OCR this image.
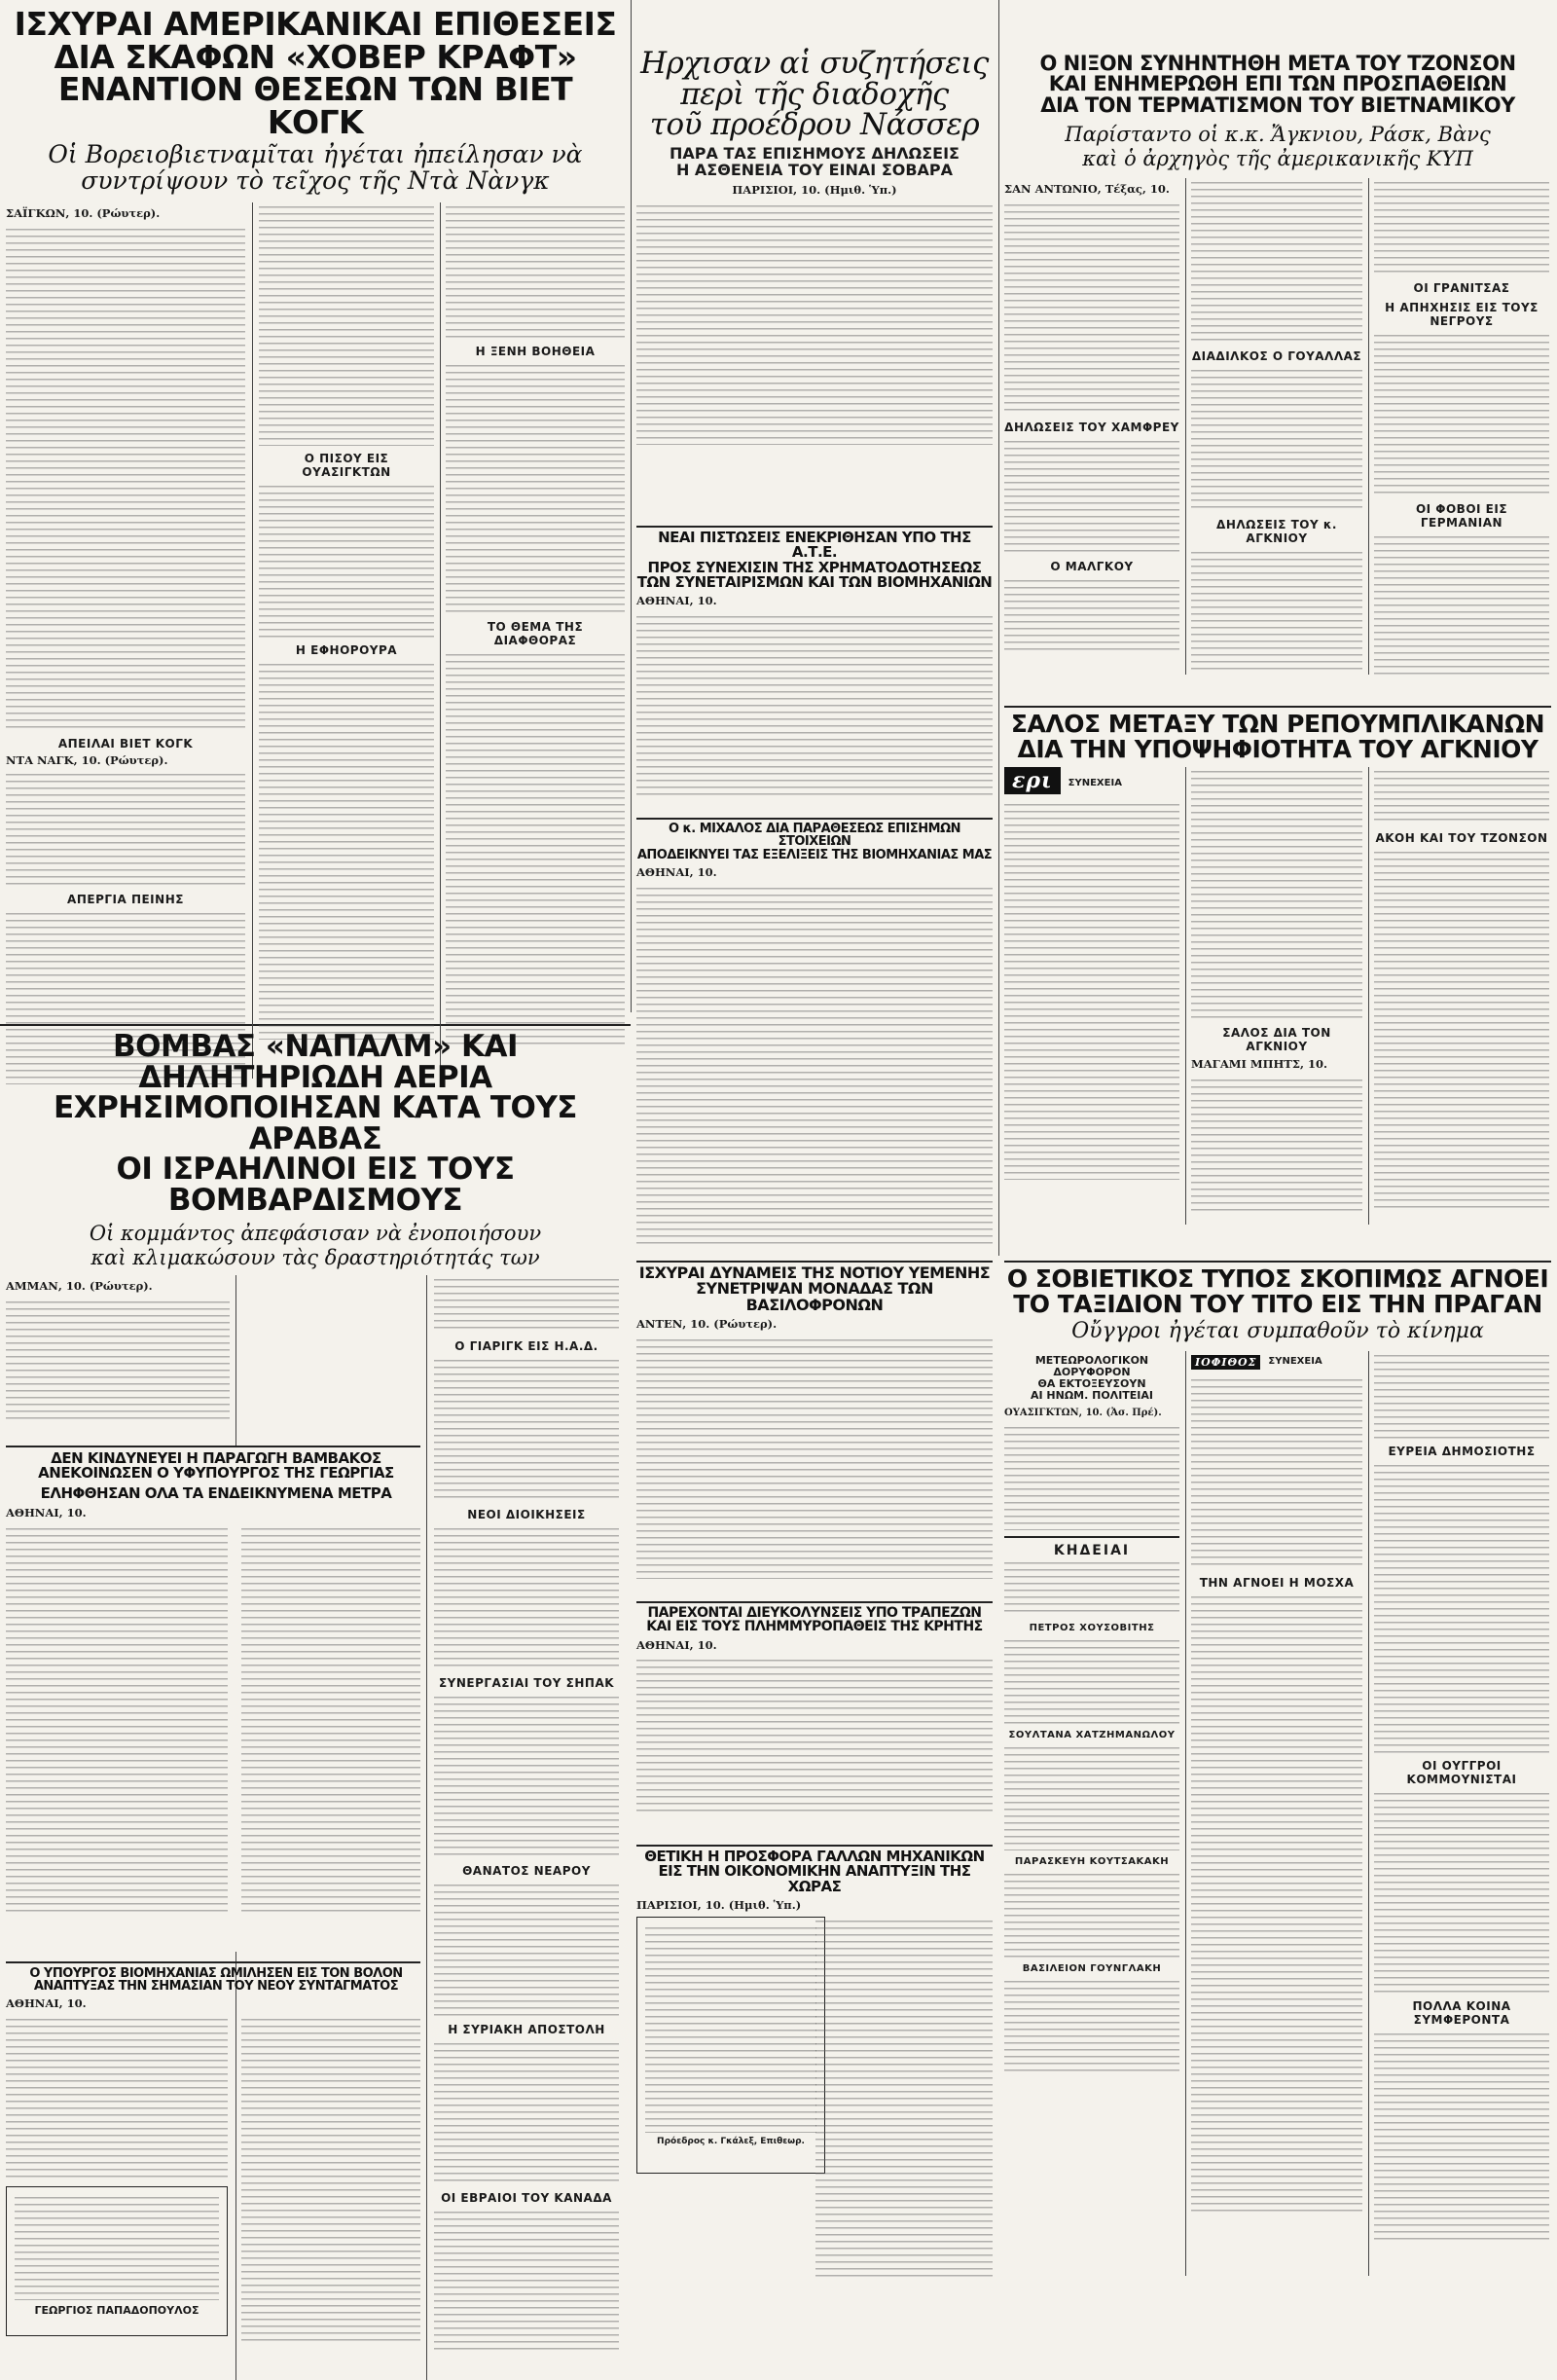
ΙΣΧΥΡΑΙ ΑΜΕΡΙΚΑΝΙΚΑΙ ΕΠΙΘΕΣΕΙΣ
ΔΙΑ ΣΚΑΦΩΝ «ΧΟΒΕΡ ΚΡΑΦΤ»
ΕΝΑΝΤΙΟΝ ΘΕΣΕΩΝ ΤΩΝ ΒΙΕΤ ΚΟΓΚ

Οἱ Βορειοβιετναμῖται ἠγέται ἠπείλησαν νὰ συντρίψουν τὸ τεῖχος τῆς Ντὰ Νὰνγκ

ΣΑΪΓΚΩΝ, 10. (Ρώυτερ).

ΑΠΕΙΛΑΙ ΒΙΕΤ ΚΟΓΚ

ΝΤΑ ΝΑΓΚ, 10. (Ρώυτερ).

ΑΠΕΡΓΙΑ ΠΕΙΝΗΣ

Ο ΠΙΣΟΥ ΕΙΣ ΟΥΑΣΙΓΚΤΩΝ

Η ΕΦΗΟΡΟΥΡΑ

Η ΞΕΝΗ ΒΟΗΘΕΙΑ

ΤΟ ΘΕΜΑ ΤΗΣ ΔΙΑΦΘΟΡΑΣ

Ηρχισαν αἱ συζητήσεις
περὶ τῆς διαδοχῆς
τοῦ προέδρου Νάσσερ

ΠΑΡΑ ΤΑΣ ΕΠΙΣΗΜΟΥΣ ΔΗΛΩΣΕΙΣ

Η ΑΣΘΕΝΕΙΑ ΤΟΥ ΕΙΝΑΙ ΣΟΒΑΡΑ

ΠΑΡΙΣΙΟΙ, 10. (Ημιθ. Ὑπ.)

ΝΕΑΙ ΠΙΣΤΩΣΕΙΣ ΕΝΕΚΡΙΘΗΣΑΝ ΥΠΟ ΤΗΣ Α.Τ.Ε.
ΠΡΟΣ ΣΥΝΕΧΙΣΙΝ ΤΗΣ ΧΡΗΜΑΤΟΔΟΤΗΣΕΩΣ
ΤΩΝ ΣΥΝΕΤΑΙΡΙΣΜΩΝ ΚΑΙ ΤΩΝ ΒΙΟΜΗΧΑΝΙΩΝ

ΑΘΗΝΑΙ, 10.

Ο κ. ΜΙΧΑΛΟΣ ΔΙΑ ΠΑΡΑΘΕΣΕΩΣ ΕΠΙΣΗΜΩΝ ΣΤΟΙΧΕΙΩΝ
ΑΠΟΔΕΙΚΝΥΕΙ ΤΑΣ ΕΞΕΛΙΞΕΙΣ ΤΗΣ ΒΙΟΜΗΧΑΝΙΑΣ ΜΑΣ

ΑΘΗΝΑΙ, 10.

Ο ΝΙΞΟΝ ΣΥΝΗΝΤΗΘΗ ΜΕΤΑ ΤΟΥ ΤΖΟΝΣΟΝ
ΚΑΙ ΕΝΗΜΕΡΩΘΗ ΕΠΙ ΤΩΝ ΠΡΟΣΠΑΘΕΙΩΝ
ΔΙΑ ΤΟΝ ΤΕΡΜΑΤΙΣΜΟΝ ΤΟΥ ΒΙΕΤΝΑΜΙΚΟΥ

Παρίσταντο οἱ κ.κ. Ἄγκνιου, Ράσκ, Βὰνς

καὶ ὁ ἀρχηγὸς τῆς ἀμερικανικῆς ΚΥΠ

ΣΑΝ ΑΝΤΩΝΙΟ, Τέξας, 10.

ΔΗΛΩΣΕΙΣ ΤΟΥ ΧΑΜΦΡΕΥ

Ο ΜΑΛΓΚΟΥ

ΔΙΑΔΙΛΚΟΣ Ο ΓΟΥΑΛΛΑΣ

ΔΗΛΩΣΕΙΣ ΤΟΥ κ. ΑΓΚΝΙΟΥ

ΟΙ ΓΡΑΝΙΤΣΑΣ

Η ΑΠΗΧΗΣΙΣ ΕΙΣ ΤΟΥΣ ΝΕΓΡΟΥΣ

ΟΙ ΦΟΒΟΙ ΕΙΣ ΓΕΡΜΑΝΙΑΝ

ΣΑΛΟΣ ΜΕΤΑΞΥ ΤΩΝ ΡΕΠΟΥΜΠΛΙΚΑΝΩΝ
ΔΙΑ ΤΗΝ ΥΠΟΨΗΦΙΟΤΗΤΑ ΤΟΥ ΑΓΚΝΙΟΥ
ερι ΣΥΝΕΧΕΙΑ

ΣΑΛΟΣ ΔΙΑ ΤΟΝ ΑΓΚΝΙΟΥ

ΜΑΓΑΜΙ ΜΠΗΤΣ, 10.

ΑΚΟΗ ΚΑΙ ΤΟΥ ΤΖΟΝΣΟΝ

ΒΟΜΒΑΣ «ΝΑΠΑΛΜ» ΚΑΙ ΔΗΛΗΤΗΡΙΩΔΗ ΑΕΡΙΑ
ΕΧΡΗΣΙΜΟΠΟΙΗΣΑΝ ΚΑΤΑ ΤΟΥΣ ΑΡΑΒΑΣ
ΟΙ ΙΣΡΑΗΛΙΝΟΙ ΕΙΣ ΤΟΥΣ ΒΟΜΒΑΡΔΙΣΜΟΥΣ

Οἱ κομμάντος ἀπεφάσισαν νὰ ἐνοποιήσουν

καὶ κλιμακώσουν τὰς δραστηριότητάς των

ΑΜΜΑΝ, 10. (Ρώυτερ).

ΔΕΝ ΚΙΝΔΥΝΕΥΕΙ Η ΠΑΡΑΓΩΓΗ ΒΑΜΒΑΚΟΣ
ΑΝΕΚΟΙΝΩΣΕΝ Ο ΥΦΥΠΟΥΡΓΟΣ ΤΗΣ ΓΕΩΡΓΙΑΣ
ΕΛΗΦΘΗΣΑΝ ΟΛΑ ΤΑ ΕΝΔΕΙΚΝΥΜΕΝΑ ΜΕΤΡΑ

ΑΘΗΝΑΙ, 10.

Ο ΥΠΟΥΡΓΟΣ ΒΙΟΜΗΧΑΝΙΑΣ ΩΜΙΛΗΣΕΝ ΕΙΣ ΤΟΝ ΒΟΛΟΝ
ΑΝΑΠΤΥΞΑΣ ΤΗΝ ΣΗΜΑΣΙΑΝ ΤΟΥ ΝΕΟΥ ΣΥΝΤΑΓΜΑΤΟΣ

ΑΘΗΝΑΙ, 10.

ΓΕΩΡΓΙΟΣ ΠΑΠΑΔΟΠΟΥΛΟΣ

Ο ΓΙΑΡΙΓΚ ΕΙΣ Η.Α.Δ.

ΝΕΟΙ ΔΙΟΙΚΗΣΕΙΣ

ΣΥΝΕΡΓΑΣΙΑΙ ΤΟΥ ΣΗΠΑΚ

ΘΑΝΑΤΟΣ ΝΕΑΡΟΥ

Η ΣΥΡΙΑΚΗ ΑΠΟΣΤΟΛΗ

ΟΙ ΕΒΡΑΙΟΙ ΤΟΥ ΚΑΝΑΔΑ

ΙΣΧΥΡΑΙ ΔΥΝΑΜΕΙΣ ΤΗΣ ΝΟΤΙΟΥ ΥΕΜΕΝΗΣ
ΣΥΝΕΤΡΙΨΑΝ ΜΟΝΑΔΑΣ ΤΩΝ ΒΑΣΙΛΟΦΡΟΝΩΝ

ΑΝΤΕΝ, 10. (Ρώυτερ).

ΠΑΡΕΧΟΝΤΑΙ ΔΙΕΥΚΟΛΥΝΣΕΙΣ ΥΠΟ ΤΡΑΠΕΖΩΝ
ΚΑΙ ΕΙΣ ΤΟΥΣ ΠΛΗΜΜΥΡΟΠΑΘΕΙΣ ΤΗΣ ΚΡΗΤΗΣ

ΑΘΗΝΑΙ, 10.

ΘΕΤΙΚΗ Η ΠΡΟΣΦΟΡΑ ΓΑΛΛΩΝ ΜΗΧΑΝΙΚΩΝ
ΕΙΣ ΤΗΝ ΟΙΚΟΝΟΜΙΚΗΝ ΑΝΑΠΤΥΞΙΝ ΤΗΣ ΧΩΡΑΣ

ΠΑΡΙΣΙΟΙ, 10. (Ημιθ. Ὑπ.)

Πρόεδρος κ. Γκάλεξ, Επιθεωρ.

Ο ΣΟΒΙΕΤΙΚΟΣ ΤΥΠΟΣ ΣΚΟΠΙΜΩΣ ΑΓΝΟΕΙ
ΤΟ ΤΑΞΙΔΙΟΝ ΤΟΥ ΤΙΤΟ ΕΙΣ ΤΗΝ ΠΡΑΓΑΝ

Οὔγγροι ἠγέται συμπαθοῦν τὸ κίνημα

ΜΕΤΕΩΡΟΛΟΓΙΚΟΝ

ΔΟΡΥΦΟΡΟΝ

ΘΑ ΕΚΤΟΞΕΥΣΟΥΝ

ΑΙ ΗΝΩΜ. ΠΟΛΙΤΕΙΑΙ

ΟΥΑΣΙΓΚΤΩΝ, 10. (Ἀσ. Πρέ).

ΚΗΔΕΙΑΙ

ΠΕΤΡΟΣ ΧΟΥΣΟΒΙΤΗΣ

ΣΟΥΛΤΑΝΑ ΧΑΤΖΗΜΑΝΩΛΟΥ

ΠΑΡΑΣΚΕΥΗ ΚΟΥΤΣΑΚΑΚΗ

ΒΑΣΙΛΕΙΟΝ ΓΟΥΝΓΛΑΚΗ

ΙΟΦΙΘΟΣ ΣΥΝΕΧΕΙΑ

ΤΗΝ ΑΓΝΟΕΙ Η ΜΟΣΧΑ

ΕΥΡΕΙΑ ΔΗΜΟΣΙΟΤΗΣ

ΟΙ ΟΥΓΓΡΟΙ ΚΟΜΜΟΥΝΙΣΤΑΙ

ΠΟΛΛΑ ΚΟΙΝΑ ΣΥΜΦΕΡΟΝΤΑ
